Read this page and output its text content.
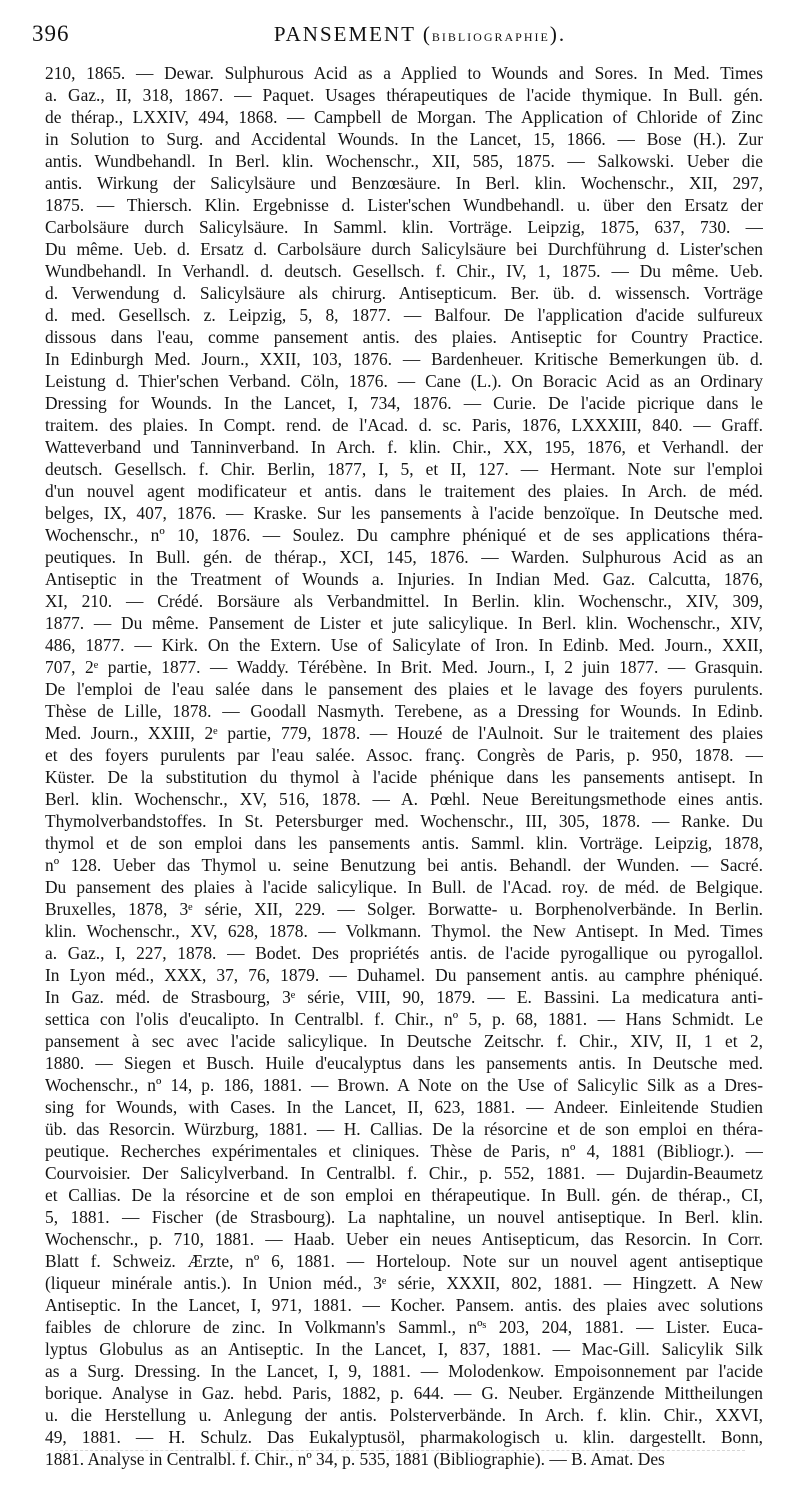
396	PANSEMENT (BIBLIOGRAPHIE).
210, 1865. — Dewar. Sulphurous Acid as a Applied to Wounds and Sores. In Med. Times
a. Gaz., II, 318, 1867. — Paquet. Usages thérapeutiques de l'acide thymique. In Bull. gén.
de thérap., LXXIV, 494, 1868. — Campbell de Morgan. The Application of Chloride of Zinc
in Solution to Surg. and Accidental Wounds. In the Lancet, 15, 1866. — Bose (H.). Zur
antis. Wundbehandl. In Berl. klin. Wochenschr., XII, 585, 1875. — Salkowski. Ueber die
antis. Wirkung der Salicylsäure und Benzœsäure. In Berl. klin. Wochenschr., XII, 297,
1875. — Thiersch. Klin. Ergebnisse d. Lister'schen Wundbehandl. u. über den Ersatz der
Carbolsäure durch Salicylsäure. In Samml. klin. Vorträge. Leipzig, 1875, 637, 730. —
Du même. Ueb. d. Ersatz d. Carbolsäure durch Salicylsäure bei Durchführung d. Lister'schen
Wundbehandl. In Verhandl. d. deutsch. Gesellsch. f. Chir., IV, 1, 1875. — Du même. Ueb.
d. Verwendung d. Salicylsäure als chirurg. Antisepticum. Ber. üb. d. wissensch. Vorträge
d. med. Gesellsch. z. Leipzig, 5, 8, 1877. — Balfour. De l'application d'acide sulfureux
dissous dans l'eau, comme pansement antis. des plaies. Antiseptic for Country Practice.
In Edinburgh Med. Journ., XXII, 103, 1876. — Bardenheuer. Kritische Bemerkungen üb. d.
Leistung d. Thier'schen Verband. Cöln, 1876. — Cane (L.). On Boracic Acid as an Ordinary
Dressing for Wounds. In the Lancet, I, 734, 1876. — Curie. De l'acide picrique dans le
traitem. des plaies. In Compt. rend. de l'Acad. d. sc. Paris, 1876, LXXXIII, 840. — Graff.
Watteverband und Tanninverband. In Arch. f. klin. Chir., XX, 195, 1876, et Verhandl. der
deutsch. Gesellsch. f. Chir. Berlin, 1877, I, 5, et II, 127. — Hermant. Note sur l'emploi
d'un nouvel agent modificateur et antis. dans le traitement des plaies. In Arch. de méd.
belges, IX, 407, 1876. — Kraske. Sur les pansements à l'acide benzoïque. In Deutsche med.
Wochenschr., nº 10, 1876. — Soulez. Du camphre phéniqué et de ses applications théra-
peutiques. In Bull. gén. de thérap., XCI, 145, 1876. — Warden. Sulphurous Acid as an
Antiseptic in the Treatment of Wounds a. Injuries. In Indian Med. Gaz. Calcutta, 1876,
XI, 210. — Crédé. Borsäure als Verbandmittel. In Berlin. klin. Wochenschr., XIV, 309,
1877. — Du même. Pansement de Lister et jute salicylique. In Berl. klin. Wochenschr., XIV,
486, 1877. — Kirk. On the Extern. Use of Salicylate of Iron. In Edinb. Med. Journ., XXII,
707, 2ᵉ partie, 1877. — Waddy. Térébène. In Brit. Med. Journ., I, 2 juin 1877. — Grasquin.
De l'emploi de l'eau salée dans le pansement des plaies et le lavage des foyers purulents.
Thèse de Lille, 1878. — Goodall Nasmyth. Terebene, as a Dressing for Wounds. In Edinb.
Med. Journ., XXIII, 2ᵉ partie, 779, 1878. — Houzé de l'Aulnoit. Sur le traitement des plaies
et des foyers purulents par l'eau salée. Assoc. franç. Congrès de Paris, p. 950, 1878. —
Küster. De la substitution du thymol à l'acide phénique dans les pansements antisept. In
Berl. klin. Wochenschr., XV, 516, 1878. — A. Pœhl. Neue Bereitungsmethode eines antis.
Thymolverbandstoffes. In St. Petersburger med. Wochenschr., III, 305, 1878. — Ranke. Du
thymol et de son emploi dans les pansements antis. Samml. klin. Vorträge. Leipzig, 1878,
nº 128. Ueber das Thymol u. seine Benutzung bei antis. Behandl. der Wunden. — Sacré.
Du pansement des plaies à l'acide salicylique. In Bull. de l'Acad. roy. de méd. de Belgique.
Bruxelles, 1878, 3ᵉ série, XII, 229. — Solger. Borwatte- u. Borphenolverbände. In Berlin.
klin. Wochenschr., XV, 628, 1878. — Volkmann. Thymol. the New Antisept. In Med. Times
a. Gaz., I, 227, 1878. — Bodet. Des propriétés antis. de l'acide pyrogallique ou pyrogallol.
In Lyon méd., XXX, 37, 76, 1879. — Duhamel. Du pansement antis. au camphre phéniqué.
In Gaz. méd. de Strasbourg, 3ᵉ série, VIII, 90, 1879. — E. Bassini. La medicatura anti-
settica con l'olis d'eucalipto. In Centralbl. f. Chir., nº 5, p. 68, 1881. — Hans Schmidt. Le
pansement à sec avec l'acide salicylique. In Deutsche Zeitschr. f. Chir., XIV, II, 1 et 2,
1880. — Siegen et Busch. Huile d'eucalyptus dans les pansements antis. In Deutsche med.
Wochenschr., nº 14, p. 186, 1881. — Brown. A Note on the Use of Salicylic Silk as a Dres-
sing for Wounds, with Cases. In the Lancet, II, 623, 1881. — Andeer. Einleitende Studien
üb. das Resorcin. Würzburg, 1881. — H. Callias. De la résorcine et de son emploi en théra-
peutique. Recherches expérimentales et cliniques. Thèse de Paris, nº 4, 1881 (Bibliogr.). —
Courvoisier. Der Salicylverband. In Centralbl. f. Chir., p. 552, 1881. — Dujardin-Beaumetz
et Callias. De la résorcine et de son emploi en thérapeutique. In Bull. gén. de thérap., CI,
5, 1881. — Fischer (de Strasbourg). La naphtaline, un nouvel antiseptique. In Berl. klin.
Wochenschr., p. 710, 1881. — Haab. Ueber ein neues Antisepticum, das Resorcin. In Corr.
Blatt f. Schweiz. Ærzte, nº 6, 1881. — Horteloup. Note sur un nouvel agent antiseptique
(liqueur minérale antis.). In Union méd., 3ᵉ série, XXXII, 802, 1881. — Hingzett. A New
Antiseptic. In the Lancet, I, 971, 1881. — Kocher. Pansem. antis. des plaies avec solutions
faibles de chlorure de zinc. In Volkmann's Samml., nºˢ 203, 204, 1881. — Lister. Euca-
lyptus Globulus as an Antiseptic. In the Lancet, I, 837, 1881. — Mac-Gill. Salicylik Silk
as a Surg. Dressing. In the Lancet, I, 9, 1881. — Molodenkow. Empoisonnement par l'acide
borique. Analyse in Gaz. hebd. Paris, 1882, p. 644. — G. Neuber. Ergänzende Mittheilungen
u. die Herstellung u. Anlegung der antis. Polsterverbände. In Arch. f. klin. Chir., XXVI,
49, 1881. — H. Schulz. Das Eukalyptusöl, pharmakologisch u. klin. dargestellt. Bonn,
1881. Analyse in Centralbl. f. Chir., nº 34, p. 535, 1881 (Bibliographie). — B. Amat. Des
